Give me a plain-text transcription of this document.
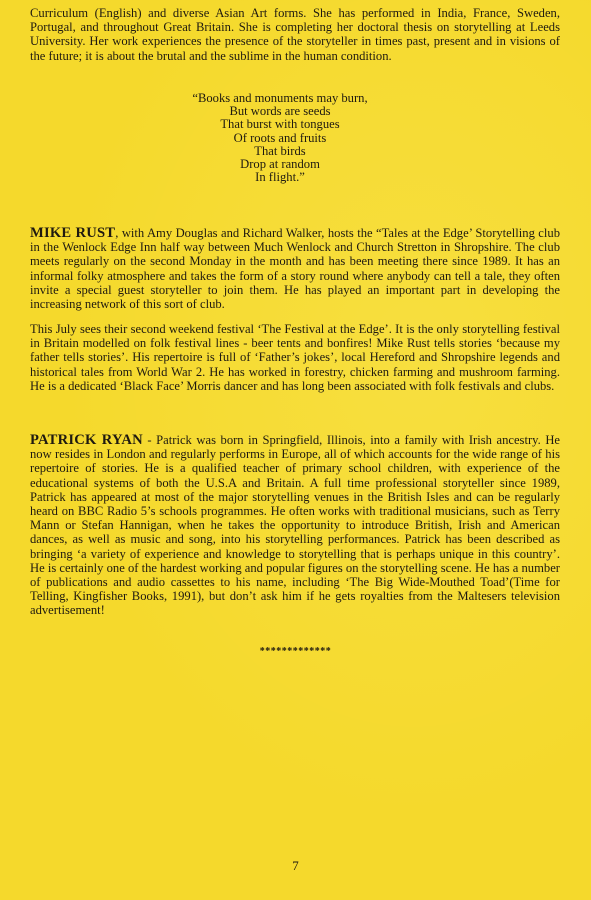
Curriculum (English) and diverse Asian Art forms. She has performed in India, France, Sweden, Portugal, and throughout Great Britain. She is completing her doctoral thesis on storytelling at Leeds University. Her work experiences the presence of the storyteller in times past, present and in visions of the future; it is about the brutal and the sublime in the human condition.

“Books and monuments may burn,
But words are seeds
That burst with tongues
Of roots and fruits
That birds
Drop at random
In flight.”

MIKE RUST, with Amy Douglas and Richard Walker, hosts the “Tales at the Edge’ Storytelling club in the Wenlock Edge Inn half way between Much Wenlock and Church Stretton in Shropshire. The club meets regularly on the second Monday in the month and has been meeting there since 1989. It has an informal folky atmosphere and takes the form of a story round where anybody can tell a tale, they often invite a special guest storyteller to join them. He has played an important part in developing the increasing network of this sort of club.

This July sees their second weekend festival ‘The Festival at the Edge’. It is the only storytelling festival in Britain modelled on folk festival lines - beer tents and bonfires! Mike Rust tells stories ‘because my father tells stories’. His repertoire is full of ‘Father’s jokes’, local Hereford and Shropshire legends and historical tales from World War 2. He has worked in forestry, chicken farming and mushroom farming. He is a dedicated ‘Black Face’ Morris dancer and has long been associated with folk festivals and clubs.

PATRICK RYAN - Patrick was born in Springfield, Illinois, into a family with Irish ancestry. He now resides in London and regularly performs in Europe, all of which accounts for the wide range of his repertoire of stories. He is a qualified teacher of primary school children, with experience of the educational systems of both the U.S.A and Britain. A full time professional storyteller since 1989, Patrick has appeared at most of the major storytelling venues in the British Isles and can be regularly heard on BBC Radio 5’s schools programmes. He often works with traditional musicians, such as Terry Mann or Stefan Hannigan, when he takes the opportunity to introduce British, Irish and American dances, as well as music and song, into his storytelling performances. Patrick has been described as bringing ‘a variety of experience and knowledge to storytelling that is perhaps unique in this country’. He is certainly one of the hardest working and popular figures on the storytelling scene. He has a number of publications and audio cassettes to his name, including ‘The Big Wide-Mouthed Toad’(Time for Telling, Kingfisher Books, 1991), but don’t ask him if he gets royalties from the Maltesers television advertisement!

*************
7
